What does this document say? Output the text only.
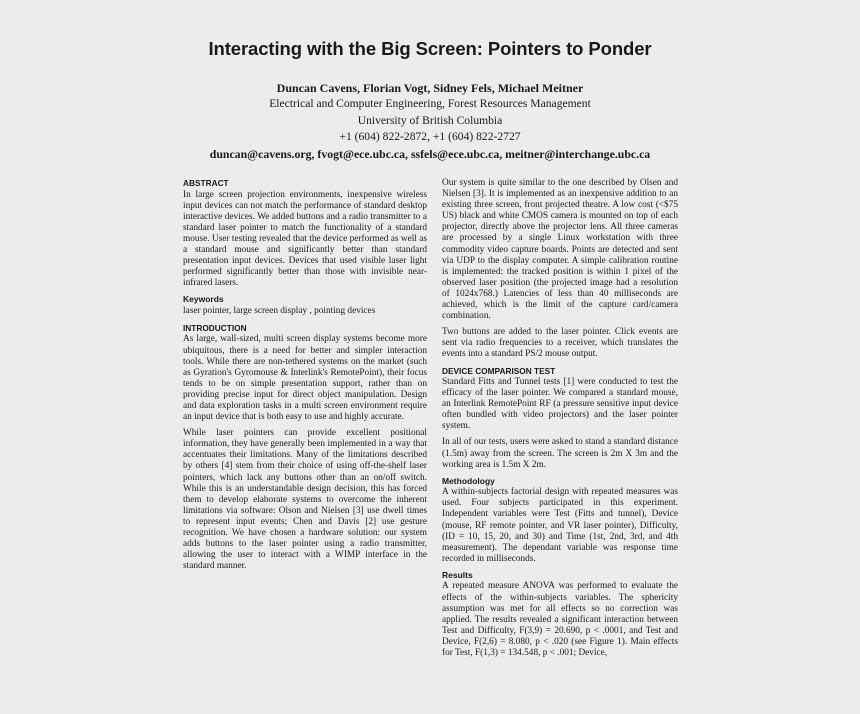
Interacting with the Big Screen: Pointers to Ponder
Duncan Cavens, Florian Vogt, Sidney Fels, Michael Meitner
Electrical and Computer Engineering, Forest Resources Management
University of British Columbia
+1 (604) 822-2872, +1 (604) 822-2727
duncan@cavens.org, fvogt@ece.ubc.ca, ssfels@ece.ubc.ca, meitner@interchange.ubc.ca
ABSTRACT

In large screen projection environments, inexpensive wireless input devices can not match the performance of standard desktop interactive devices. We added buttons and a radio transmitter to a standard laser pointer to match the functionality of a standard mouse. User testing revealed that the device performed as well as a standard mouse and significantly better than standard presentation input devices. Devices that used visible laser light performed significantly better than those with invisible near-infrared lasers.

Keywords

laser pointer, large screen display , pointing devices

INTRODUCTION

As large, wall-sized, multi screen display systems become more ubiquitous, there is a need for better and simpler interaction tools. While there are non-tethered systems on the market (such as Gyration's Gyromouse & Interlink's RemotePoint), their focus tends to be on simple presentation support, rather than on providing precise input for direct object manipulation. Design and data exploration tasks in a multi screen environment require an input device that is both easy to use and highly accurate.

While laser pointers can provide excellent positional information, they have generally been implemented in a way that accentuates their limitations. Many of the limitations described by others [4] stem from their choice of using off-the-shelf laser pointers, which lack any buttons other than an on/off switch. While this is an understandable design decision, this has forced them to develop elaborate systems to overcome the inherent limitations via software: Olson and Nielsen [3] use dwell times to represent input events; Chen and Davis [2] use gesture recognition. We have chosen a hardware solution: our system adds buttons to the laser pointer using a radio transmitter, allowing the user to interact with a WIMP interface in the standard manner.

Our system is quite similar to the one described by Olsen and Nielsen [3]. It is implemented as an inexpensive addition to an existing three screen, front projected theatre. A low cost (<$75 US) black and white CMOS camera is mounted on top of each projector, directly above the projector lens. All three cameras are processed by a single Linux workstation with three commodity video capture boards. Points are detected and sent via UDP to the display computer. A simple calibration routine is implemented: the tracked position is within 1 pixel of the observed laser position (the projected image had a resolution of 1024x768.) Latencies of less than 40 milliseconds are achieved, which is the limit of the capture card/camera combination.

Two buttons are added to the laser pointer. Click events are sent via radio frequencies to a receiver, which translates the events into a standard PS/2 mouse output.

DEVICE COMPARISON TEST

Standard Fitts and Tunnel tests [1] were conducted to test the efficacy of the laser pointer. We compared a standard mouse, an Interlink RemotePoint RF (a pressure sensitive input device often bundled with video projectors) and the laser pointer system.

In all of our tests, users were asked to stand a standard distance (1.5m) away from the screen. The screen is 2m X 3m and the working area is 1.5m X 2m.

Methodology

A within-subjects factorial design with repeated measures was used. Four subjects participated in this experiment. Independent variables were Test (Fitts and tunnel), Device (mouse, RF remote pointer, and VR laser pointer), Difficulty, (ID = 10, 15, 20, and 30) and Time (1st, 2nd, 3rd, and 4th measurement). The dependant variable was response time recorded in milliseconds.

Results

A repeated measure ANOVA was performed to evaluate the effects of the within-subjects variables. The sphericity assumption was met for all effects so no correction was applied. The results revealed a significant interaction between Test and Difficulty, F(3,9) = 20.690, p < .0001, and Test and Device, F(2,6) = 8.080, p < .020 (see Figure 1). Main effects for Test, F(1,3) = 134.548, p < .001; Device,
